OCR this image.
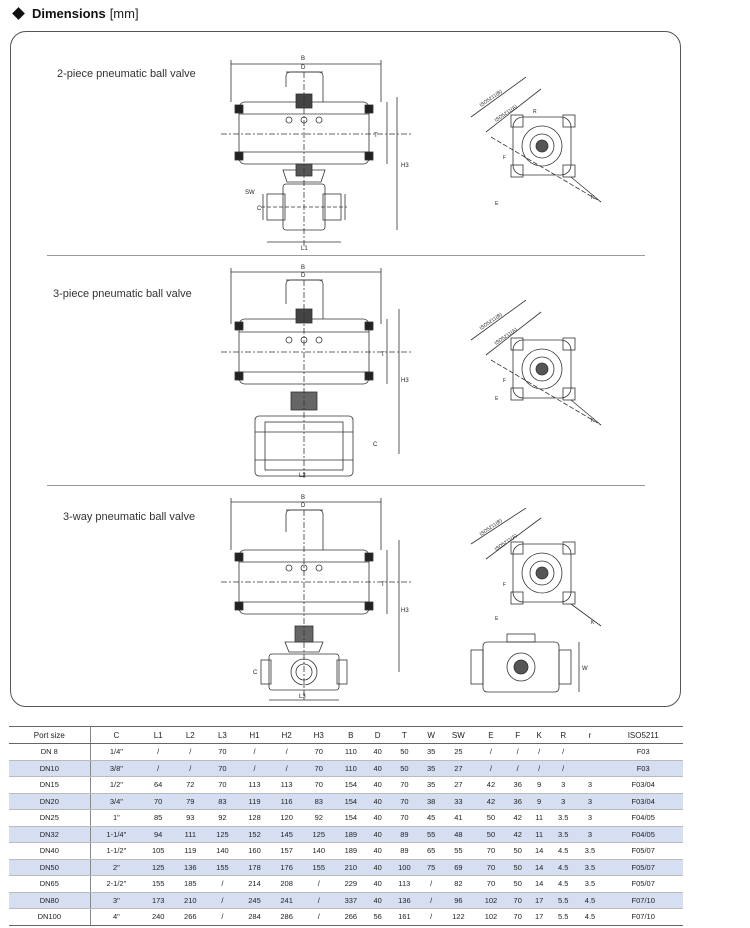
Dimensions [mm]
2-piece pneumatic ball valve
3-piece pneumatic ball valve
3-way pneumatic ball valve
B
D
T
H3
SW
C
L1
ISO5211(B)
ISO5211(A)
F
E
K
R
B
D
T
H3
C
L2
ISO5211(B)
ISO5211(A)
F
E
K
B
D
T
H3
C
L3
ISO5211(B)
ISO5211(A)
F
E
K
W
Port size	C	L1	L2	L3	H1	H2	H3	B	D	T	W	SW	E	F	K	R	r	ISO5211
DN 8	1/4"	/	/	70	/	/	70	110	40	50	35	25	/	/	/	/		F03
DN10	3/8"	/	/	70	/	/	70	110	40	50	35	27	/	/	/	/		F03
DN15	1/2"	64	72	70	113	113	70	154	40	70	35	27	42	36	9	3	3	F03/04
DN20	3/4"	70	79	83	119	116	83	154	40	70	38	33	42	36	9	3	3	F03/04
DN25	1"	85	93	92	128	120	92	154	40	70	45	41	50	42	11	3.5	3	F04/05
DN32	1-1/4"	94	111	125	152	145	125	189	40	89	55	48	50	42	11	3.5	3	F04/05
DN40	1-1/2"	105	119	140	160	157	140	189	40	89	65	55	70	50	14	4.5	3.5	F05/07
DN50	2"	125	136	155	178	176	155	210	40	100	75	69	70	50	14	4.5	3.5	F05/07
DN65	2-1/2"	155	185	/	214	208	/	229	40	113	/	82	70	50	14	4.5	3.5	F05/07
DN80	3"	173	210	/	245	241	/	337	40	136	/	96	102	70	17	5.5	4.5	F07/10
DN100	4"	240	266	/	284	286	/	266	56	161	/	122	102	70	17	5.5	4.5	F07/10
